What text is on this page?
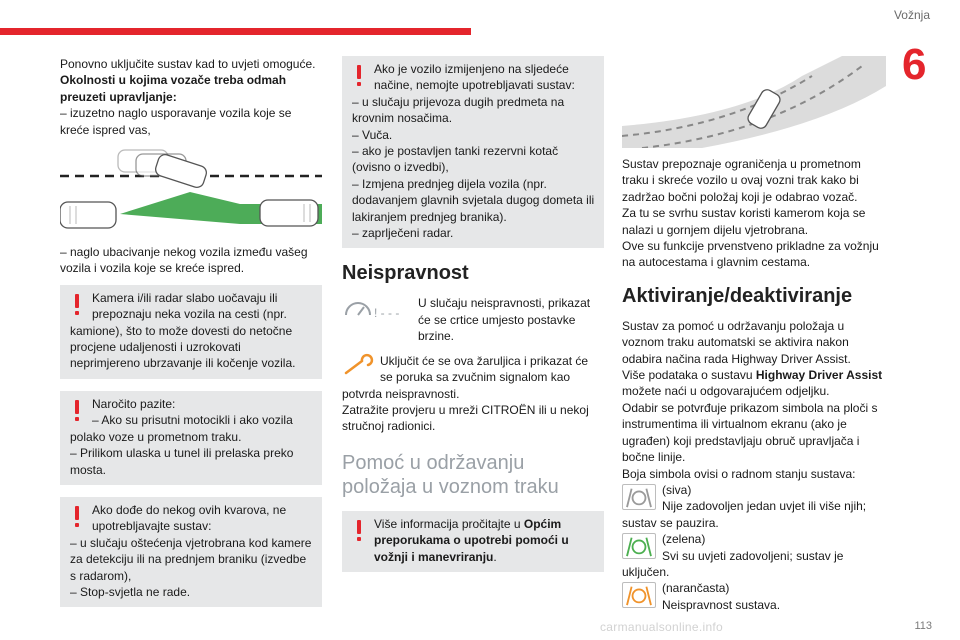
Vožnja
6

Ponovno uključite sustav kad to uvjeti omoguće.

Okolnosti u kojima vozače treba odmah preuzeti upravljanje:

– izuzetno naglo usporavanje vozila koje se kreće ispred vas,

– naglo ubacivanje nekog vozila između vašeg vozila i vozila koje se kreće ispred.

Kamera i/ili radar slabo uočavaju ili prepoznaju neka vozila na cesti (npr.
kamione), što to može dovesti do netočne procjene udaljenosti i uzrokovati neprimjereno ubrzavanje ili kočenje vozila.
Naročito pazite:
– Ako su prisutni motocikli i ako vozila
polako voze u prometnom traku.
– Prilikom ulaska u tunel ili prelaska preko mosta.
Ako dođe do nekog ovih kvarova, ne upotrebljavajte sustav:
– u slučaju oštećenja vjetrobrana kod kamere za detekciju ili na prednjem braniku (izvedbe s radarom),
– Stop-svjetla ne rade.
Ako je vozilo izmijenjeno na sljedeće načine, nemojte upotrebljavati sustav:
– u slučaju prijevoza dugih predmeta na krovnim nosačima.
– Vuča.
– ako je postavljen tanki rezervni kotač (ovisno o izvedbi),
– Izmjena prednjeg dijela vozila (npr. dodavanjem glavnih svjetala dugog dometa ili lakiranjem prednjeg branika).
– zaprlječeni radar.
Neispravnost
! - - -

U slučaju neispravnosti, prikazat će se crtice umjesto postavke brzine.

Uključit će se ova žaruljica i prikazat će se poruka sa zvučnim signalom kao potvrda neispravnosti.

Zatražite provjeru u mreži CITROËN ili u nekoj stručnoj radionici.

Pomoć u održavanju položaja u voznom traku
Više informacija pročitajte u Općim preporukama o upotrebi pomoći u vožnji i manevriranju.

Sustav prepoznaje ograničenja u prometnom traku i skreće vozilo u ovaj vozni trak kako bi zadržao bočni položaj koji je odabrao vozač.

Za tu se svrhu sustav koristi kamerom koja se nalazi u gornjem dijelu vjetrobrana.

Ove su funkcije prvenstveno prikladne za vožnju na autocestama i glavnim cestama.

Aktiviranje/deaktiviranje

Sustav za pomoć u održavanju položaja u voznom traku automatski se aktivira nakon odabira načina rada Highway Driver Assist.

Više podataka o sustavu Highway Driver Assist možete naći u odgovarajućem odjeljku.

Odabir se potvrđuje prikazom simbola na ploči s instrumentima ili virtualnom ekranu (ako je ugrađen) koji predstavljaju obruč upravljača i bočne linije.

Boja simbola ovisi o radnom stanju sustava:

(siva)
Nije zadovoljen jedan uvjet ili više njih; sustav se pauzira.
(zelena)
Svi su uvjeti zadovoljeni; sustav je uključen.
(narančasta)
Neispravnost sustava.
113
carmanualsonline.info
